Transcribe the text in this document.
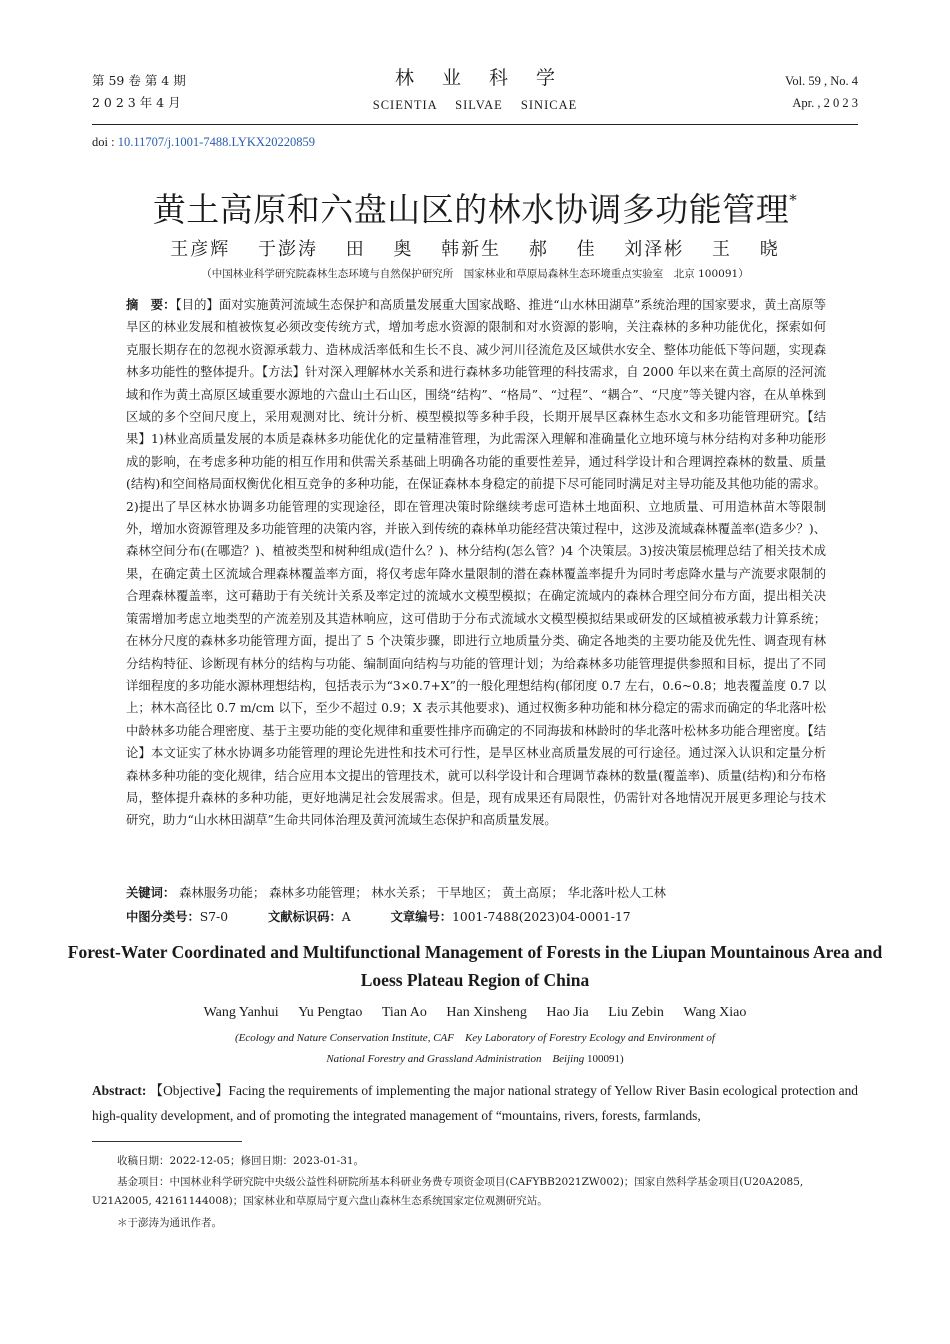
第 59 卷 第 4 期
2 0 2 3 年 4 月
林业科学
SCIENTIA SILVAE SINICAE
Vol. 59 , No. 4
Apr. , 2 0 2 3
doi : 10.11707/j.1001-7488.LYKX20220859
黄土高原和六盘山区的林水协调多功能管理*
王彦辉 于澎涛 田 奥 韩新生 郝 佳 刘泽彬 王 晓
（中国林业科学研究院森林生态环境与自然保护研究所　国家林业和草原局森林生态环境重点实验室　北京 100091）
摘　要：【目的】面对实施黄河流域生态保护和高质量发展重大国家战略、推进“山水林田湖草”系统治理的国家要求，黄土高原等旱区的林业发展和植被恢复必须改变传统方式，增加考虑水资源的限制和对水资源的影响，关注森林的多种功能优化，探索如何克服长期存在的忽视水资源承载力、造林成活率低和生长不良、减少河川径流危及区域供水安全、整体功能低下等问题，实现森林多功能性的整体提升。【方法】针对深入理解林水关系和进行森林多功能管理的科技需求，自 2000 年以来在黄土高原的泾河流域和作为黄土高原区域重要水源地的六盘山土石山区，围绕“结构”、“格局”、“过程”、“耦合”、“尺度”等关键内容，在从单株到区域的多个空间尺度上，采用观测对比、统计分析、模型模拟等多种手段，长期开展旱区森林生态水文和多功能管理研究。【结果】1)林业高质量发展的本质是森林多功能优化的定量精准管理，为此需深入理解和准确量化立地环境与林分结构对多种功能形成的影响，在考虑多种功能的相互作用和供需关系基础上明确各功能的重要性差异，通过科学设计和合理调控森林的数量、质量(结构)和空间格局面权衡优化相互竞争的多种功能，在保证森林本身稳定的前提下尽可能同时满足对主导功能及其他功能的需求。2)提出了旱区林水协调多功能管理的实现途径，即在管理决策时除继续考虑可造林土地面积、立地质量、可用造林苗木等限制外，增加水资源管理及多功能管理的决策内容，并嵌入到传统的森林单功能经营决策过程中，这涉及流域森林覆盖率(造多少？)、森林空间分布(在哪造？)、植被类型和树种组成(造什么？)、林分结构(怎么管？)4 个决策层。3)按决策层梳理总结了相关技术成果，在确定黄土区流域合理森林覆盖率方面，将仅考虑年降水量限制的潜在森林覆盖率提升为同时考虑降水量与产流要求限制的合理森林覆盖率，这可藉助于有关统计关系及率定过的流域水文模型模拟；在确定流域内的森林合理空间分布方面，提出相关决策需增加考虑立地类型的产流差别及其造林响应，这可借助于分布式流域水文模型模拟结果或研发的区域植被承载力计算系统；在林分尺度的森林多功能管理方面，提出了 5 个决策步骤，即进行立地质量分类、确定各地类的主要功能及优先性、调查现有林分结构特征、诊断现有林分的结构与功能、编制面向结构与功能的管理计划；为给森林多功能管理提供参照和目标，提出了不同详细程度的多功能水源林理想结构，包括表示为“3×0.7+X”的一般化理想结构(郁闭度 0.7 左右，0.6~0.8；地表覆盖度 0.7 以上；林木高径比 0.7 m/cm 以下，至少不超过 0.9；X 表示其他要求)、通过权衡多种功能和林分稳定的需求而确定的华北落叶松中龄林多功能合理密度、基于主要功能的变化规律和重要性排序而确定的不同海拔和林龄时的华北落叶松林多功能合理密度。【结论】本文证实了林水协调多功能管理的理论先进性和技术可行性，是旱区林业高质量发展的可行途径。通过深入认识和定量分析森林多种功能的变化规律，结合应用本文提出的管理技术，就可以科学设计和合理调节森林的数量(覆盖率)、质量(结构)和分布格局，整体提升森林的多种功能，更好地满足社会发展需求。但是，现有成果还有局限性，仍需针对各地情况开展更多理论与技术研究，助力“山水林田湖草”生命共同体治理及黄河流域生态保护和高质量发展。
关键词： 森林服务功能； 森林多功能管理； 林水关系； 干旱地区； 黄土高原； 华北落叶松人工林
中图分类号：S7-0	文献标识码：A	文章编号：1001-7488(2023)04-0001-17
Forest-Water Coordinated and Multifunctional Management of Forests in the Liupan Mountainous Area and Loess Plateau Region of China
Wang Yanhui Yu Pengtao Tian Ao Han Xinsheng Hao Jia Liu Zebin Wang Xiao
(Ecology and Nature Conservation Institute, CAF　Key Laboratory of Forestry Ecology and Environment of
National Forestry and Grassland Administration　Beijing 100091)
Abstract: 【Objective】Facing the requirements of implementing the major national strategy of Yellow River Basin ecological protection and high-quality development, and of promoting the integrated management of “mountains, rivers, forests, farmlands,
收稿日期：2022-12-05；修回日期：2023-01-31。
基金项目：中国林业科学研究院中央级公益性科研院所基本科研业务费专项资金项目(CAFYBB2021ZW002)；国家自然科学基金项目(U20A2085, U21A2005, 42161144008)；国家林业和草原局宁夏六盘山森林生态系统国家定位观测研究站。
＊于澎涛为通讯作者。
